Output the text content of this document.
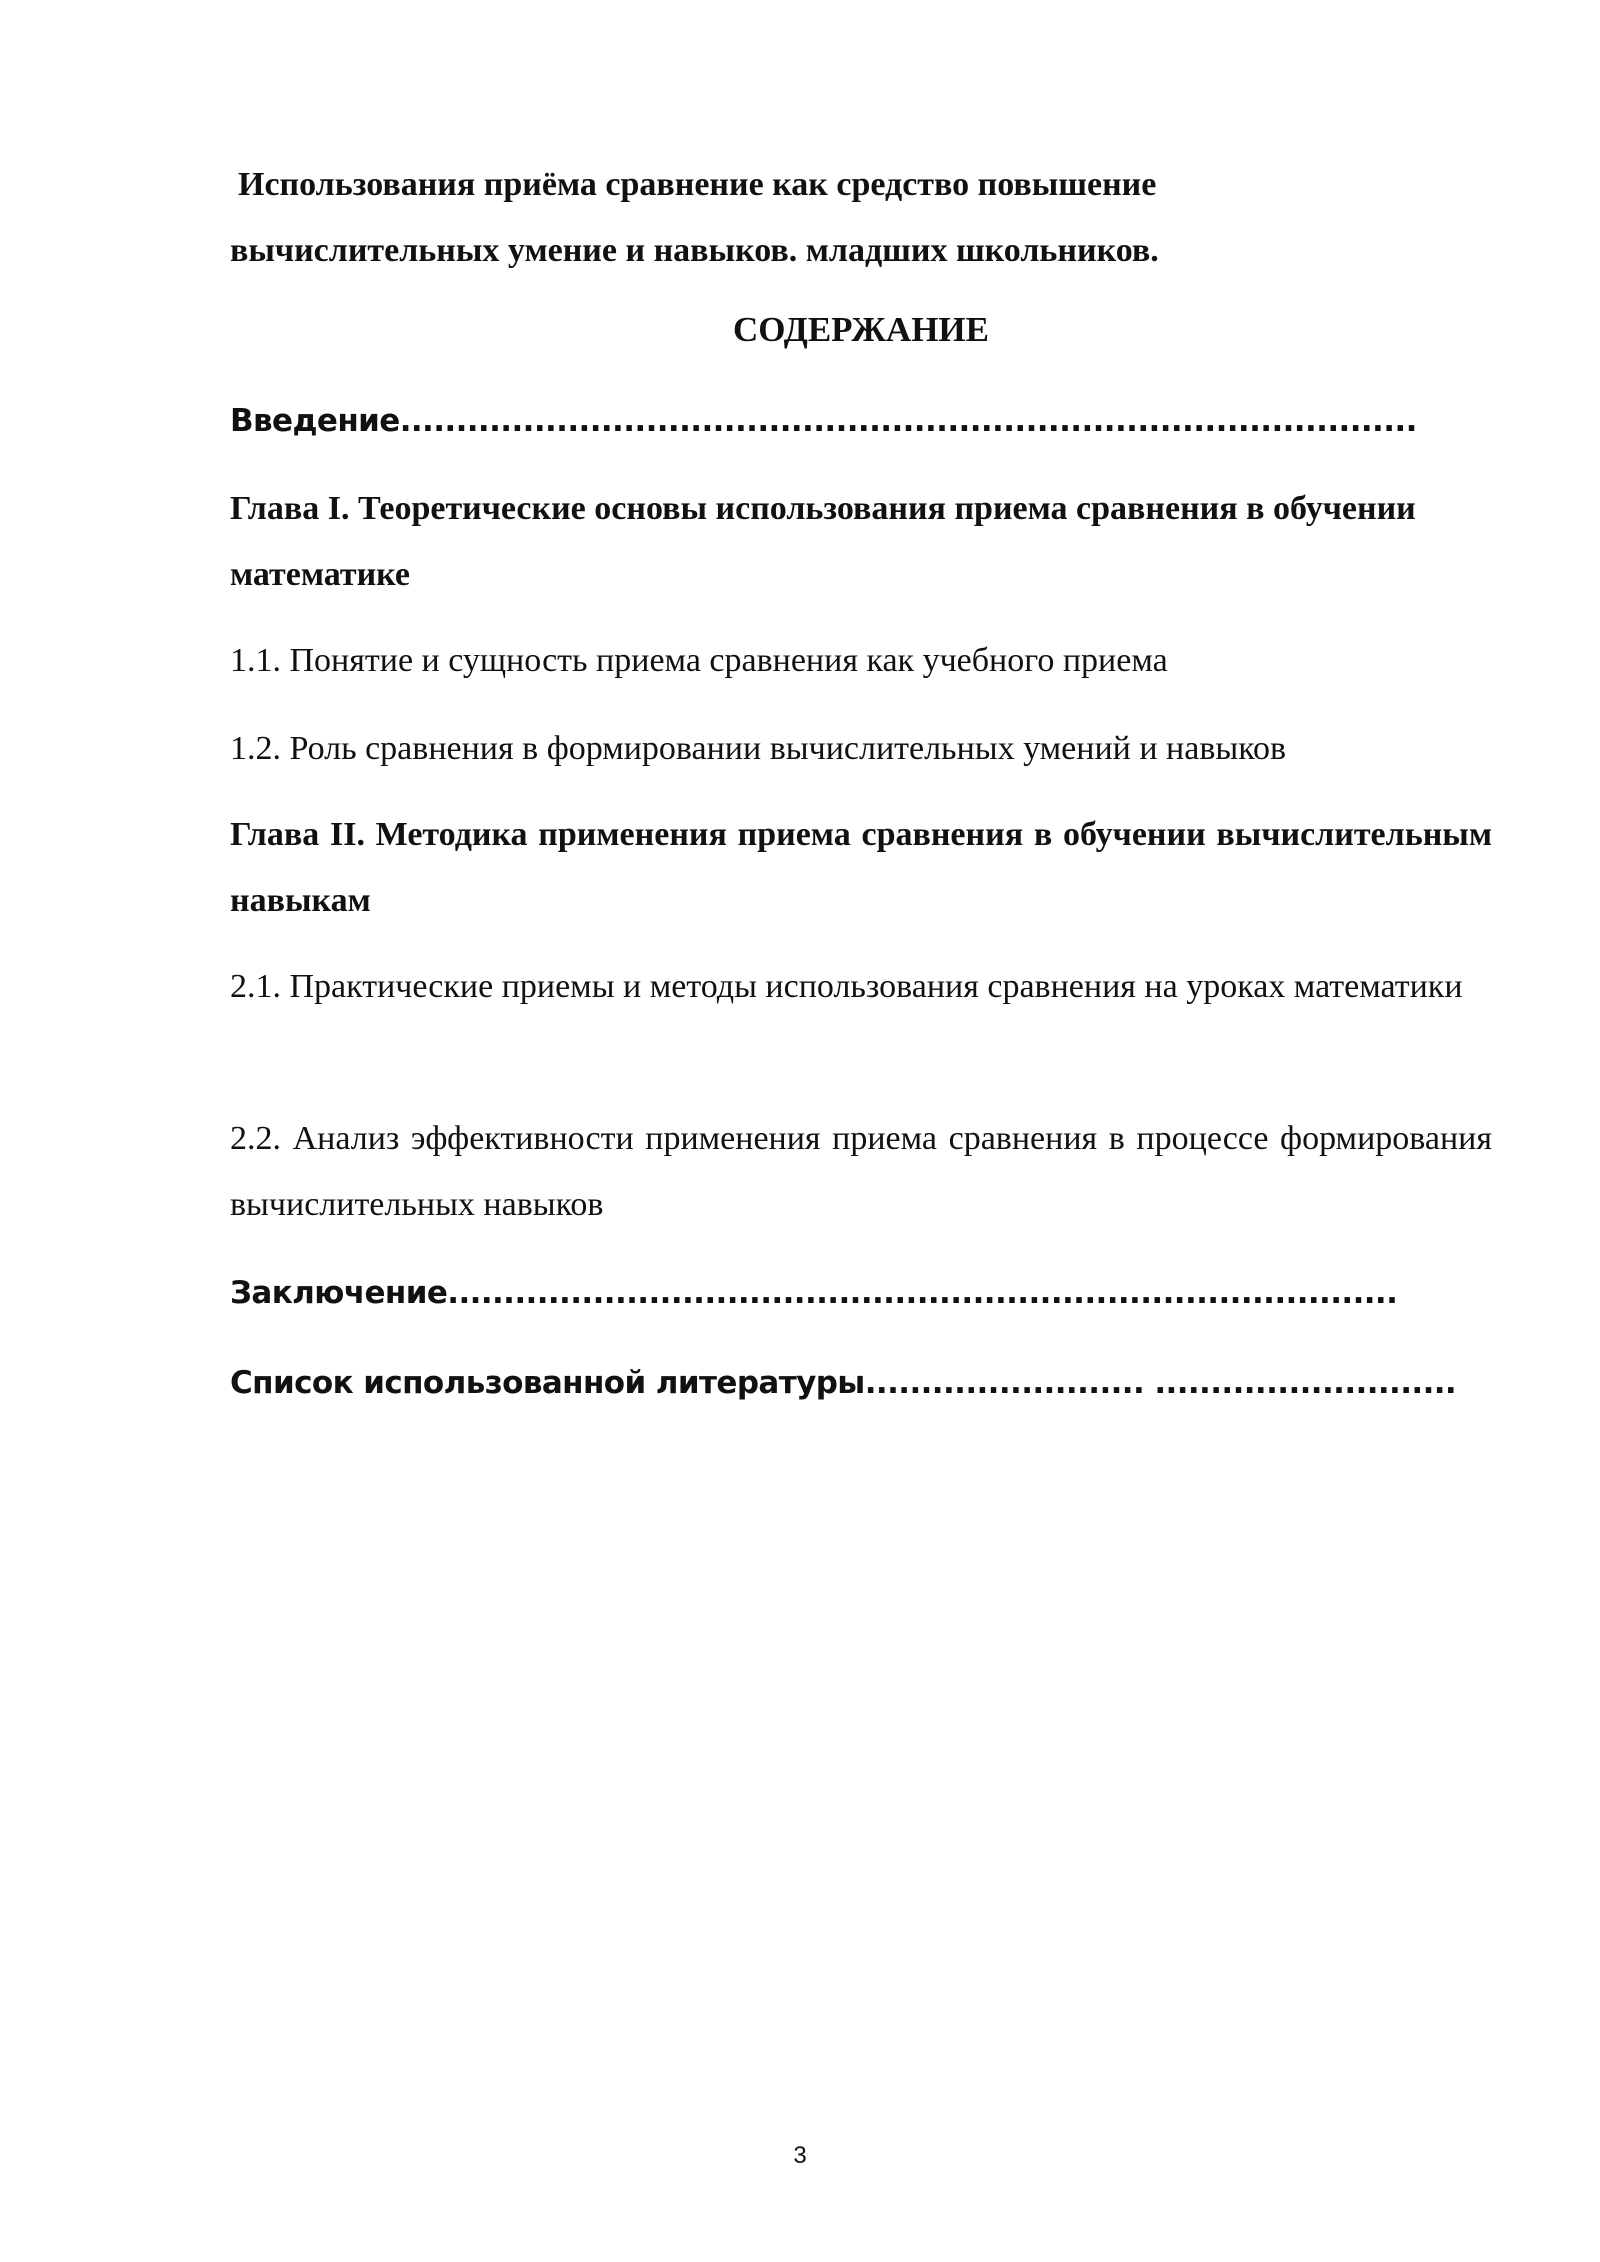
Использования приёма сравнение как средство повышение
вычислительных умение и навыков. младших школьников.
СОДЕРЖАНИЕ
Введение...........................................................................................
Глава I. Теоретические основы использования приема сравнения в обучении математике
1.1. Понятие и сущность приема сравнения как учебного приема
1.2. Роль сравнения в формировании вычислительных умений и навыков
Глава II. Методика применения приема сравнения в обучении вычислительным навыкам
2.1. Практические приемы и методы использования сравнения на уроках математики
2.2. Анализ эффективности применения приема сравнения в процессе формирования вычислительных навыков
Заключение.....................................................................................
Список использованной литературы......................... ...........................
3
